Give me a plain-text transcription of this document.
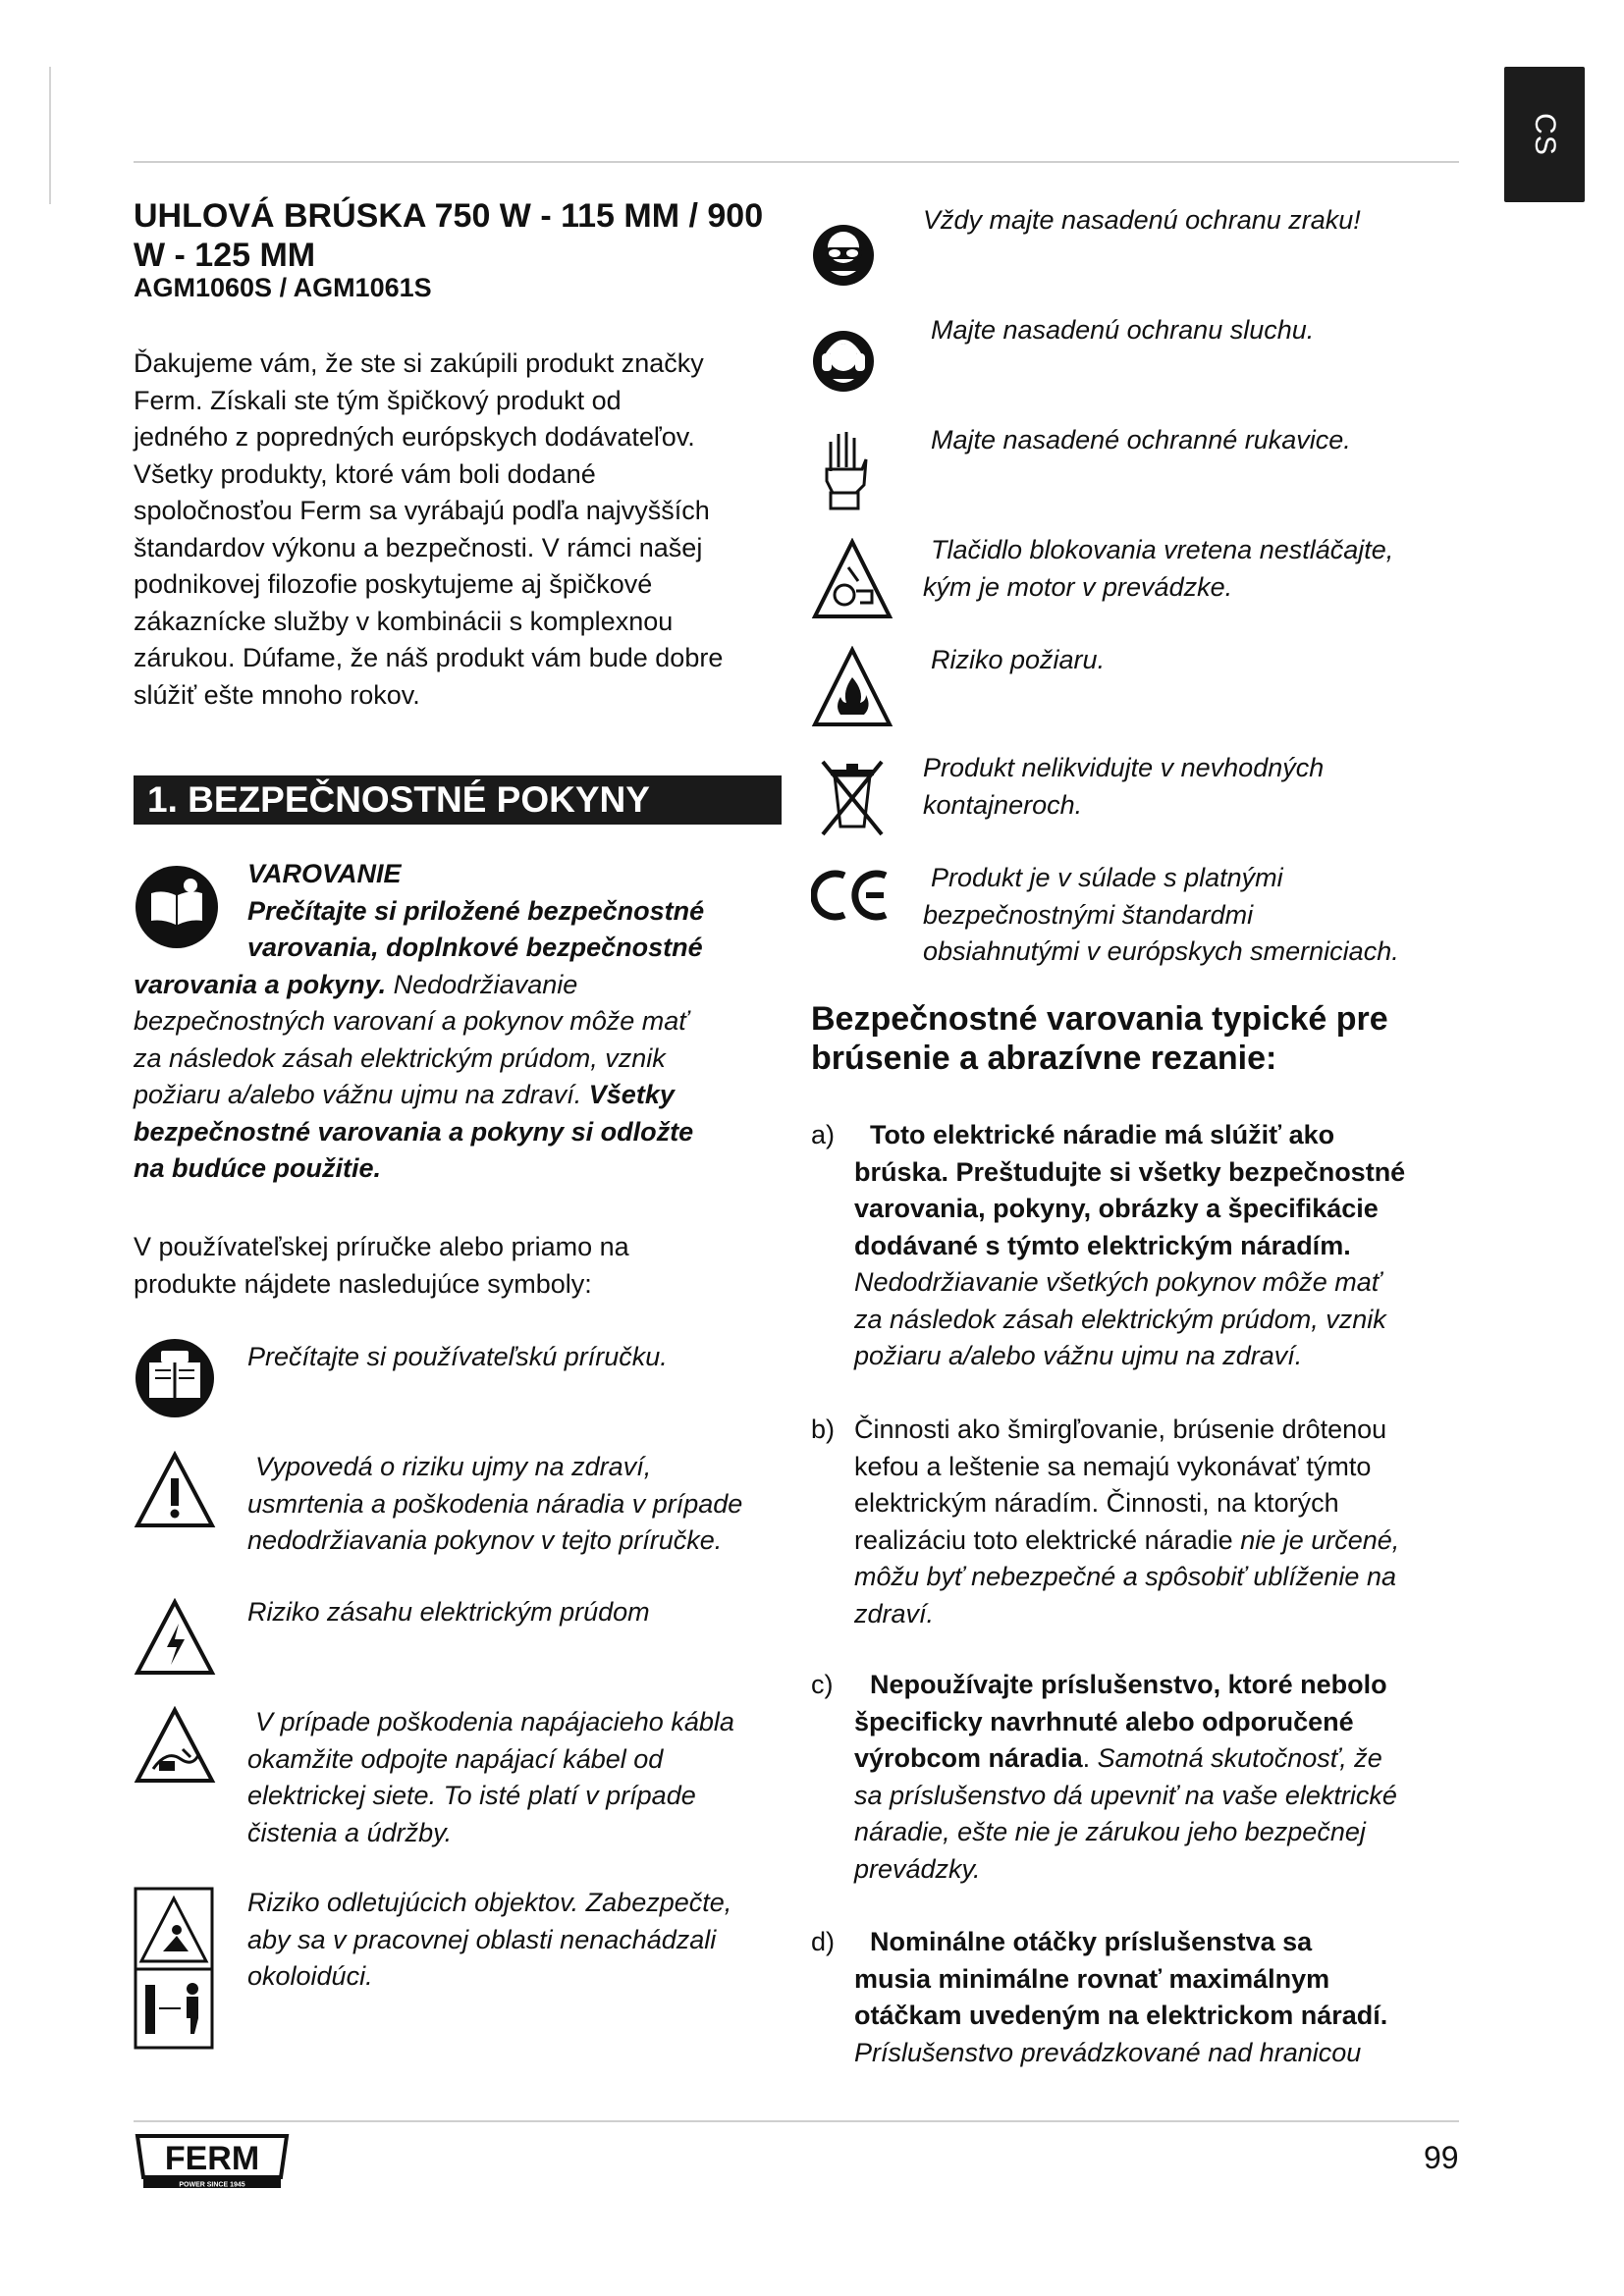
CS
UHLOVÁ BRÚSKA 750 W - 115 MM / 900 W - 125 MM
AGM1060S / AGM1061S
Ďakujeme vám, že ste si zakúpili produkt značky
Ferm. Získali ste tým špičkový produkt od
jedného z popredných európskych dodávateľov.
Všetky produkty, ktoré vám boli dodané
spoločnosťou Ferm sa vyrábajú podľa najvyšších
štandardov výkonu a bezpečnosti. V rámci našej
podnikovej filozofie poskytujeme aj špičkové
zákaznícke služby v kombinácii s komplexnou
zárukou. Dúfame, že náš produkt vám bude dobre
slúžiť ešte mnoho rokov.
1. BEZPEČNOSTNÉ POKYNY
VAROVANIE
Prečítajte si priložené bezpečnostné
varovania, doplnkové bezpečnostné
varovania a pokyny. Nedodržiavanie
bezpečnostných varovaní a pokynov môže mať
za následok zásah elektrickým prúdom, vznik
požiaru a/alebo vážnu ujmu na zdraví. Všetky
bezpečnostné varovania a pokyny si odložte
na budúce použitie.
V používateľskej príručke alebo priamo na
produkte nájdete nasledujúce symboly:
Prečítajte si používateľskú príručku.
Vypovedá o riziku ujmy na zdraví,
usmrtenia a poškodenia náradia v prípade
nedodržiavania pokynov v tejto príručke.
Riziko zásahu elektrickým prúdom
V prípade poškodenia napájacieho kábla
okamžite odpojte napájací kábel od
elektrickej siete. To isté platí v prípade
čistenia a údržby.
Riziko odletujúcich objektov. Zabezpečte,
aby sa v pracovnej oblasti nenachádzali
okoloidúci.
Vždy majte nasadenú ochranu zraku!
Majte nasadenú ochranu sluchu.
Majte nasadené ochranné rukavice.
Tlačidlo blokovania vretena nestláčajte,
kým je motor v prevádzke.
Riziko požiaru.
Produkt nelikvidujte v nevhodných
kontajneroch.
Produkt je v súlade s platnými
bezpečnostnými štandardmi
obsiahnutými v európskych smerniciach.
Bezpečnostné varovania typické pre
brúsenie a abrazívne rezanie:
a)	Toto elektrické náradie má slúžiť ako
brúska. Preštudujte si všetky bezpečnostné
varovania, pokyny, obrázky a špecifikácie
dodávané s týmto elektrickým náradím.
Nedodržiavanie všetkých pokynov môže mať
za následok zásah elektrickým prúdom, vznik
požiaru a/alebo vážnu ujmu na zdraví.
b) Činnosti ako šmirgľovanie, brúsenie drôtenou
kefou a leštenie sa nemajú vykonávať týmto
elektrickým náradím. Činnosti, na ktorých
realizáciu toto elektrické náradie nie je určené,
môžu byť nebezpečné a spôsobiť ublíženie na
zdraví.
c)	Nepoužívajte príslušenstvo, ktoré nebolo
špecificky navrhnuté alebo odporučené
výrobcom náradia. Samotná skutočnosť, že
sa príslušenstvo dá upevniť na vaše elektrické
náradie, ešte nie je zárukou jeho bezpečnej
prevádzky.
d)	Nominálne otáčky príslušenstva sa
musia minimálne rovnať maximálnym
otáčkam uvedeným na elektrickom náradí.
Príslušenstvo prevádzkované nad hranicou
FERM
POWER SINCE 1945
99
